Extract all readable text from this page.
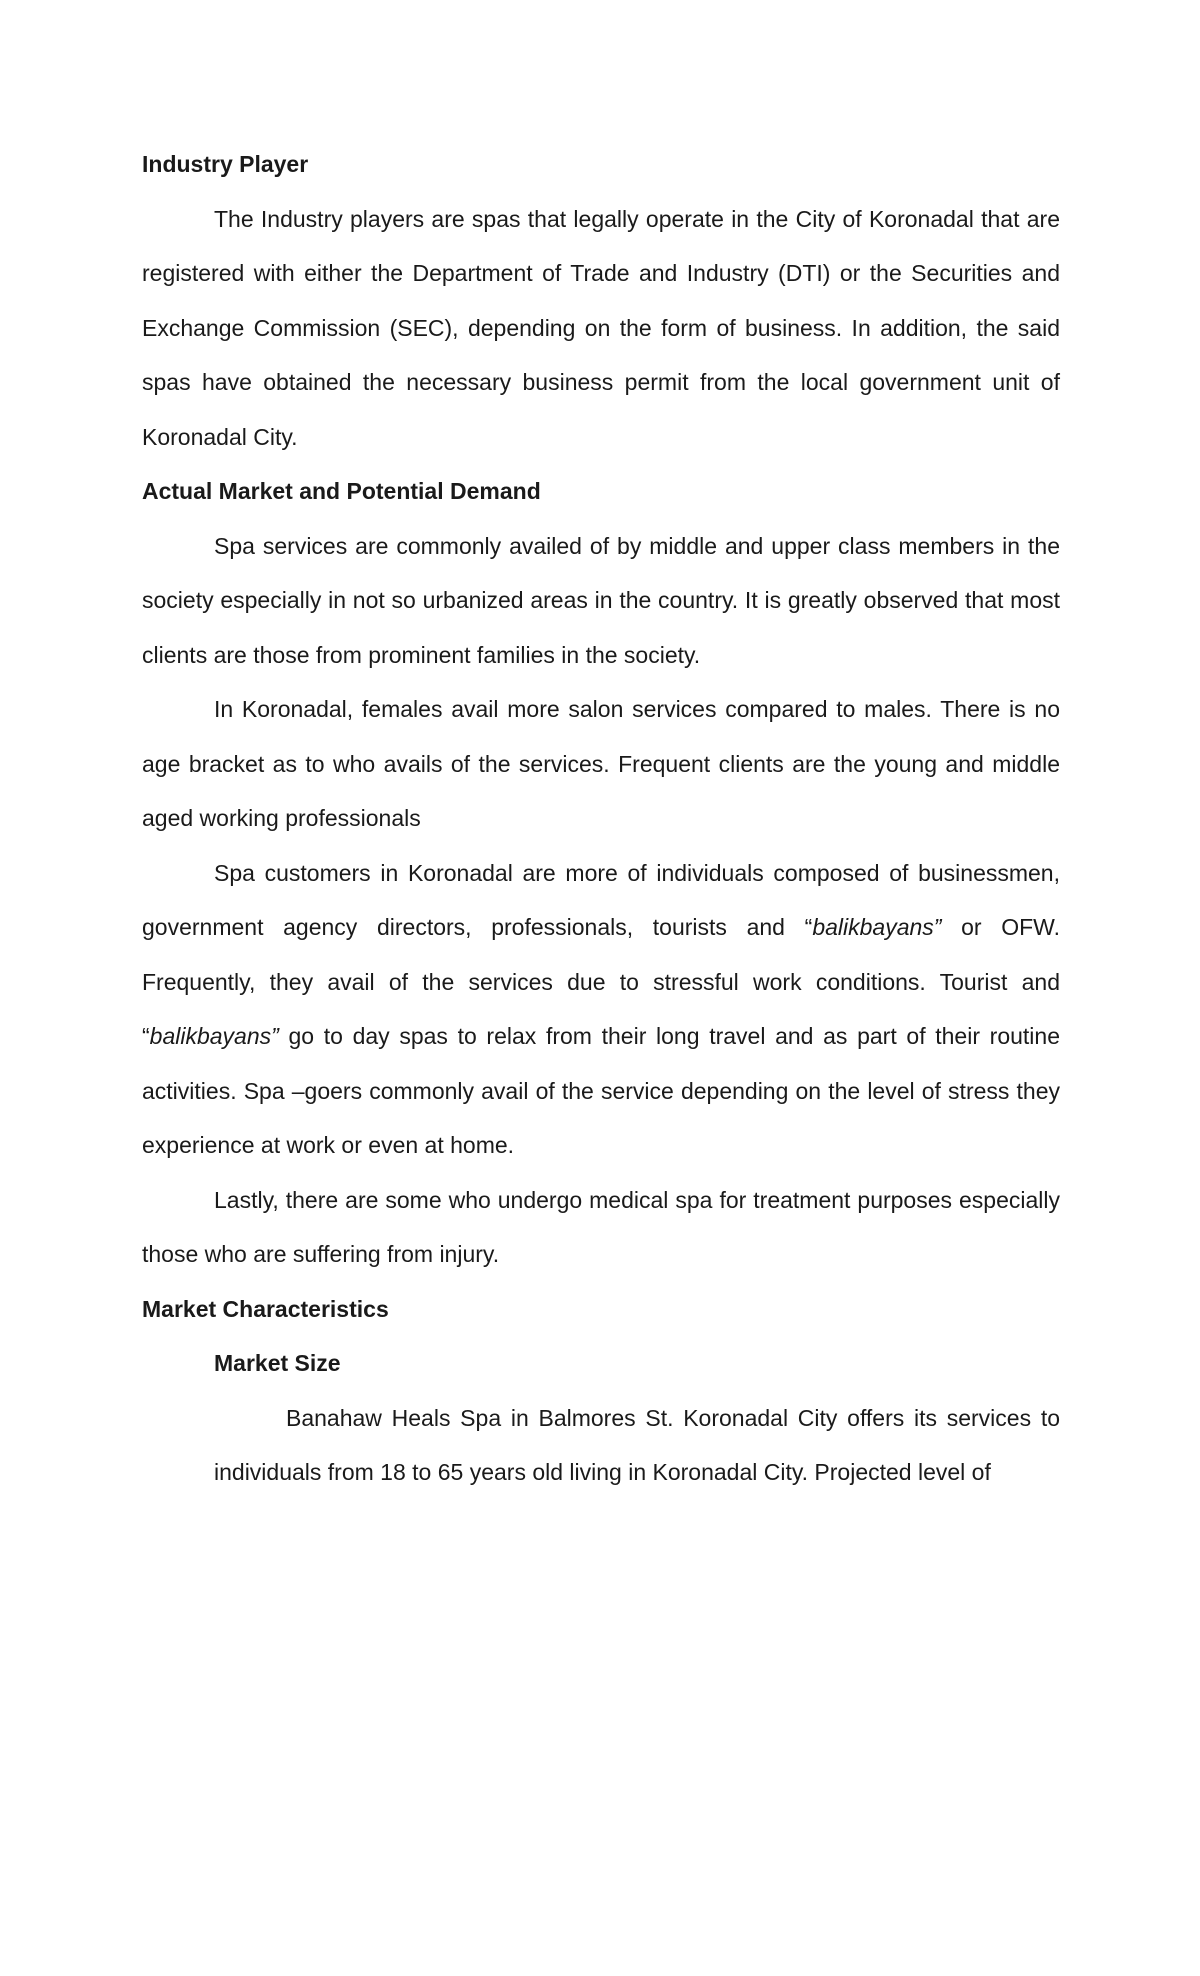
Industry Player

The Industry players are spas that legally operate in the City of Koronadal that are registered with either the Department of Trade and Industry (DTI) or the Securities and Exchange Commission (SEC), depending on the form of business. In addition, the said spas have obtained the necessary business permit from the local government unit of Koronadal City.

Actual Market and Potential Demand

Spa services are commonly availed of by middle and upper class members in the society especially in not so urbanized areas in the country. It is greatly observed that most clients are those from prominent families in the society.

In Koronadal, females avail more salon services compared to males. There is no age bracket as to who avails of the services. Frequent clients are the young and middle aged working professionals

Spa customers in Koronadal are more of individuals composed of businessmen, government agency directors, professionals, tourists and “balikbayans” or OFW. Frequently, they avail of the services due to stressful work conditions. Tourist and “balikbayans” go to day spas to relax from their long travel and as part of their routine activities. Spa –goers commonly avail of the service depending on the level of stress they experience at work or even at home.

Lastly, there are some who undergo medical spa for treatment purposes especially those who are suffering from injury.

Market Characteristics
Market Size

Banahaw Heals Spa in Balmores St. Koronadal City offers its services to individuals from 18 to 65 years old living in Koronadal City. Projected level of
